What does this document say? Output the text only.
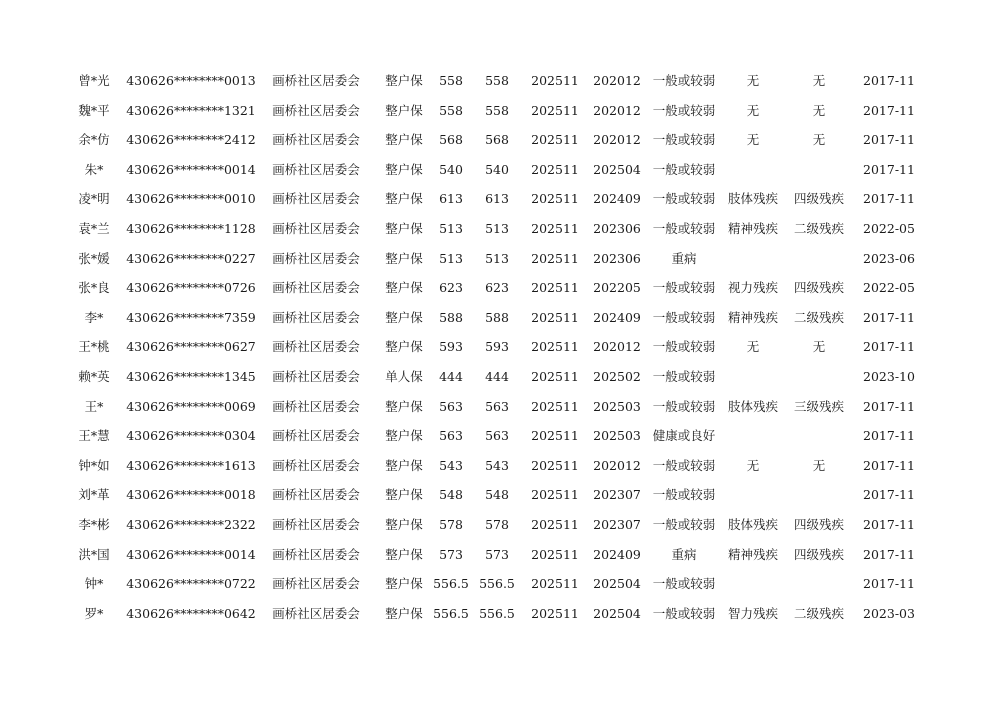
曾*光 430626********0013 画桥社区居委会 整户保 558 558 202511 202012 一般或较弱	无	无	2017-11
魏*平 430626********1321 画桥社区居委会 整户保 558 558 202511 202012 一般或较弱	无	无	2017-11
余*仿 430626********2412 画桥社区居委会 整户保 568 568 202511 202012 一般或较弱	无	无	2017-11
朱* 430626********0014 画桥社区居委会 整户保 540 540 202511 202504 一般或较弱	2017-11
凌*明 430626********0010 画桥社区居委会 整户保 613 613 202511 202409 一般或较弱 肢体残疾 四级残疾 2017-11
袁*兰 430626********1128 画桥社区居委会 整户保 513 513 202511 202306 一般或较弱 精神残疾 二级残疾 2022-05
张*媛 430626********0227 画桥社区居委会 整户保 513 513 202511 202306 重病	2023-06
张*良 430626********0726 画桥社区居委会 整户保 623 623 202511 202205 一般或较弱 视力残疾 四级残疾 2022-05
李* 430626********7359 画桥社区居委会 整户保 588 588 202511 202409 一般或较弱 精神残疾 二级残疾 2017-11
王*桃 430626********0627 画桥社区居委会 整户保 593 593 202511 202012 一般或较弱	无	无	2017-11
赖*英 430626********1345 画桥社区居委会 单人保 444 444 202511 202502 一般或较弱	2023-10
王* 430626********0069 画桥社区居委会 整户保 563 563 202511 202503 一般或较弱 肢体残疾 三级残疾 2017-11
王*慧 430626********0304 画桥社区居委会 整户保 563 563 202511 202503 健康或良好	2017-11
钟*如 430626********1613 画桥社区居委会 整户保 543 543 202511 202012 一般或较弱	无	无	2017-11
刘*革 430626********0018 画桥社区居委会 整户保 548 548 202511 202307 一般或较弱	2017-11
李*彬 430626********2322 画桥社区居委会 整户保 578 578 202511 202307 一般或较弱 肢体残疾 四级残疾 2017-11
洪*国 430626********0014 画桥社区居委会 整户保 573 573 202511 202409 重病	精神残疾 四级残疾 2017-11
钟* 430626********0722 画桥社区居委会 整户保 556.5 556.5 202511 202504 一般或较弱	2017-11
罗* 430626********0642 画桥社区居委会 整户保 556.5 556.5 202511 202504 一般或较弱 智力残疾 二级残疾 2023-03
